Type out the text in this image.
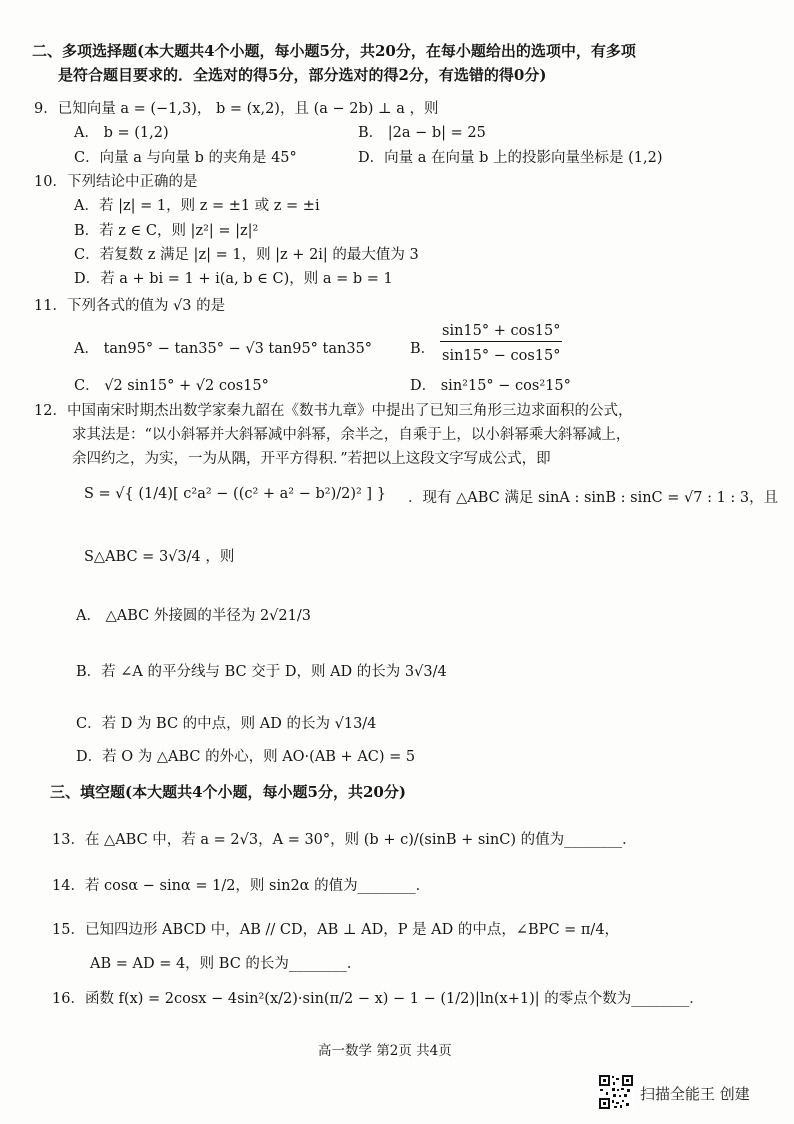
二、多项选择题(本大题共4个小题，每小题5分，共20分，在每小题给出的选项中，有多项
是符合题目要求的．全选对的得5分，部分选对的得2分，有选错的得0分)
9．已知向量 a = (−1,3)， b = (x,2)，且 (a − 2b) ⊥ a ，则
A． b = (1,2)	B． |2a − b| = 25
C．向量 a 与向量 b 的夹角是 45°	D．向量 a 在向量 b 上的投影向量坐标是 (1,2)
10．下列结论中正确的是
A．若 |z| = 1，则 z = ±1 或 z = ±i
B．若 z ∈ C，则 |z²| = |z|²
C．若复数 z 满足 |z| = 1，则 |z + 2i| 的最大值为 3
D．若 a + bi = 1 + i(a, b ∈ C)，则 a = b = 1
11．下列各式的值为 √3 的是
A． tan95° − tan35° − √3 tan95° tan35°	B．
sin15° + cos15°
sin15° − cos15°
C． √2 sin15° + √2 cos15°	D． sin²15° − cos²15°
12．中国南宋时期杰出数学家秦九韶在《数书九章》中提出了已知三角形三边求面积的公式，
求其法是：“以小斜幂并大斜幂减中斜幂，余半之，自乘于上，以小斜幂乘大斜幂减上，
余四约之，为实，一为从隅，开平方得积．”若把以上这段文字写成公式，即
S = √{ (1/4)[ c²a² − ((c² + a² − b²)/2)² ] } ．现有 △ABC 满足 sinA : sinB : sinC = √7 : 1 : 3，且
S△ABC = 3√3/4 ，则
A． △ABC 外接圆的半径为 2√21/3
B．若 ∠A 的平分线与 BC 交于 D，则 AD 的长为 3√3/4
C．若 D 为 BC 的中点，则 AD 的长为 √13/4
D．若 O 为 △ABC 的外心，则 AO·(AB + AC) = 5
三、填空题(本大题共4个小题，每小题5分，共20分)
13．在 △ABC 中，若 a = 2√3，A = 30°，则 (b + c)/(sinB + sinC) 的值为________．
14．若 cosα − sinα = 1/2，则 sin2α 的值为________．
15．已知四边形 ABCD 中，AB // CD，AB ⊥ AD，P 是 AD 的中点，∠BPC = π/4，
AB = AD = 4，则 BC 的长为________．
16．函数 f(x) = 2cosx − 4sin²(x/2)·sin(π/2 − x) − 1 − (1/2)|ln(x+1)| 的零点个数为________．
高一数学 第2页 共4页
扫描全能王 创建
